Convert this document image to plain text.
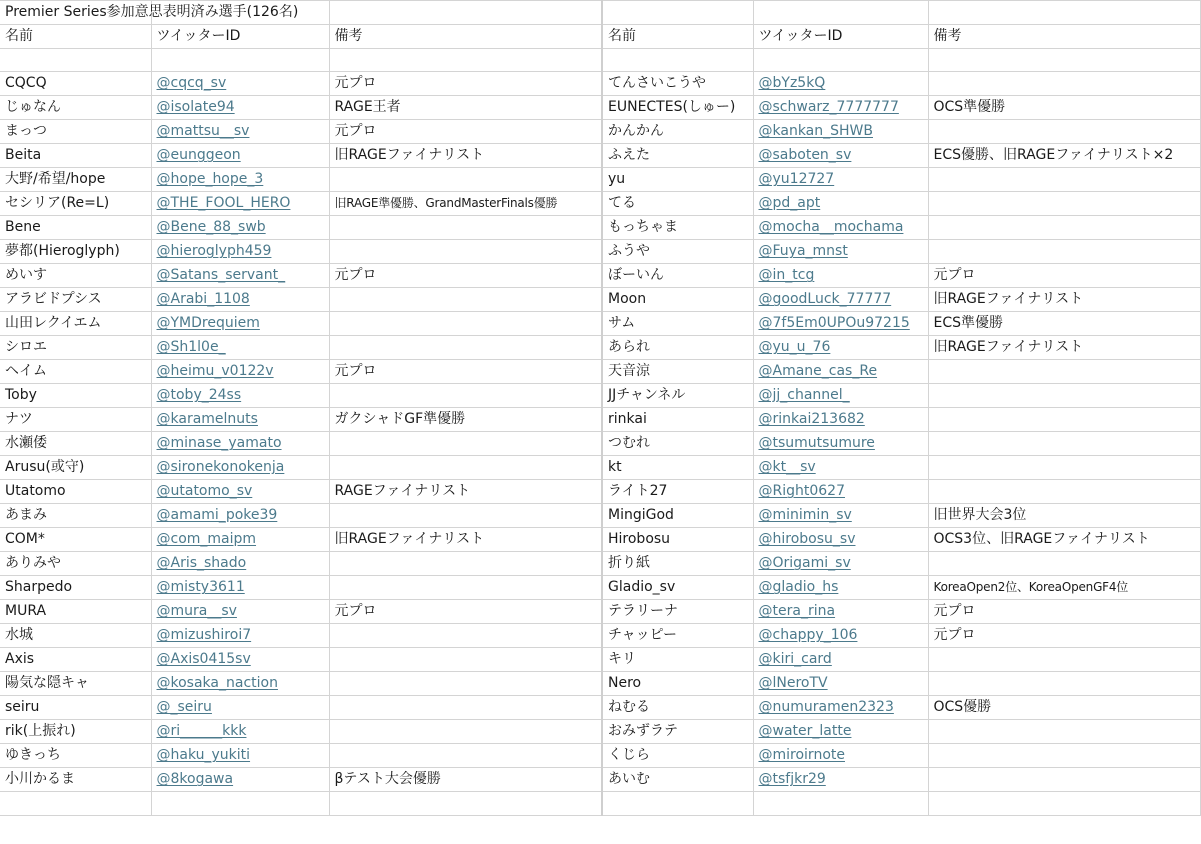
Premier Series参加意思表明済み選手(126名)					
名前	ツイッターID	備考	名前	ツイッターID	備考

CQCQ	@cqcq_sv	元プロ	てんさいこうや	@bYz5kQ	
じゅなん	@isolate94	RAGE王者	EUNECTES(しゅー)	@schwarz_7777777	OCS準優勝
まっつ	@mattsu__sv	元プロ	かんかん	@kankan_SHWB	
Beita	@eunggeon	旧RAGEファイナリスト	ふえた	@saboten_sv	ECS優勝、旧RAGEファイナリスト×2
大野/希望/hope	@hope_hope_3		yu	@yu12727	
セシリア(Re=L)	@THE_FOOL_HERO	旧RAGE準優勝、GrandMasterFinals優勝	てる	@pd_apt	
Bene	@Bene_88_swb		もっちゃま	@mocha__mochama	
夢都(Hieroglyph)	@hieroglyph459		ふうや	@Fuya_mnst	
めいす	@Satans_servant_	元プロ	ぼーいん	@in_tcg	元プロ
アラビドプシス	@Arabi_1108		Moon	@goodLuck_77777	旧RAGEファイナリスト
山田レクイエム	@YMDrequiem		サム	@7f5Em0UPOu97215	ECS準優勝
シロエ	@Sh1l0e_		あられ	@yu_u_76	旧RAGEファイナリスト
ヘイム	@heimu_v0122v	元プロ	天音涼	@Amane_cas_Re	
Toby	@toby_24ss		JJチャンネル	@jj_channel_	
ナツ	@karamelnuts	ガクシャドGF準優勝	rinkai	@rinkai213682	
水瀬倭	@minase_yamato		つむれ	@tsumutsumure	
Arusu(或守)	@sironekonokenja		kt	@kt__sv	
Utatomo	@utatomo_sv	RAGEファイナリスト	ライト27	@Right0627	
あまみ	@amami_poke39		MingiGod	@minimin_sv	旧世界大会3位
COM*	@com_maipm	旧RAGEファイナリスト	Hirobosu	@hirobosu_sv	OCS3位、旧RAGEファイナリスト
ありみや	@Aris_shado		折り紙	@Origami_sv	
Sharpedo	@misty3611		Gladio_sv	@gladio_hs	KoreaOpen2位、KoreaOpenGF4位
MURA	@mura__sv	元プロ	テラリーナ	@tera_rina	元プロ
水城	@mizushiroi7		チャッピー	@chappy_106	元プロ
Axis	@Axis0415sv		キリ	@kiri_card	
陽気な隠キャ	@kosaka_naction		Nero	@lNeroTV	
seiru	@_seiru		ねむる	@numuramen2323	OCS優勝
rik(上振れ)	@ri______kkk		おみずラテ	@water_latte	
ゆきっち	@haku_yukiti		くじら	@miroirnote	
小川かるま	@8kogawa	βテスト大会優勝	あいむ	@tsfjkr29	
